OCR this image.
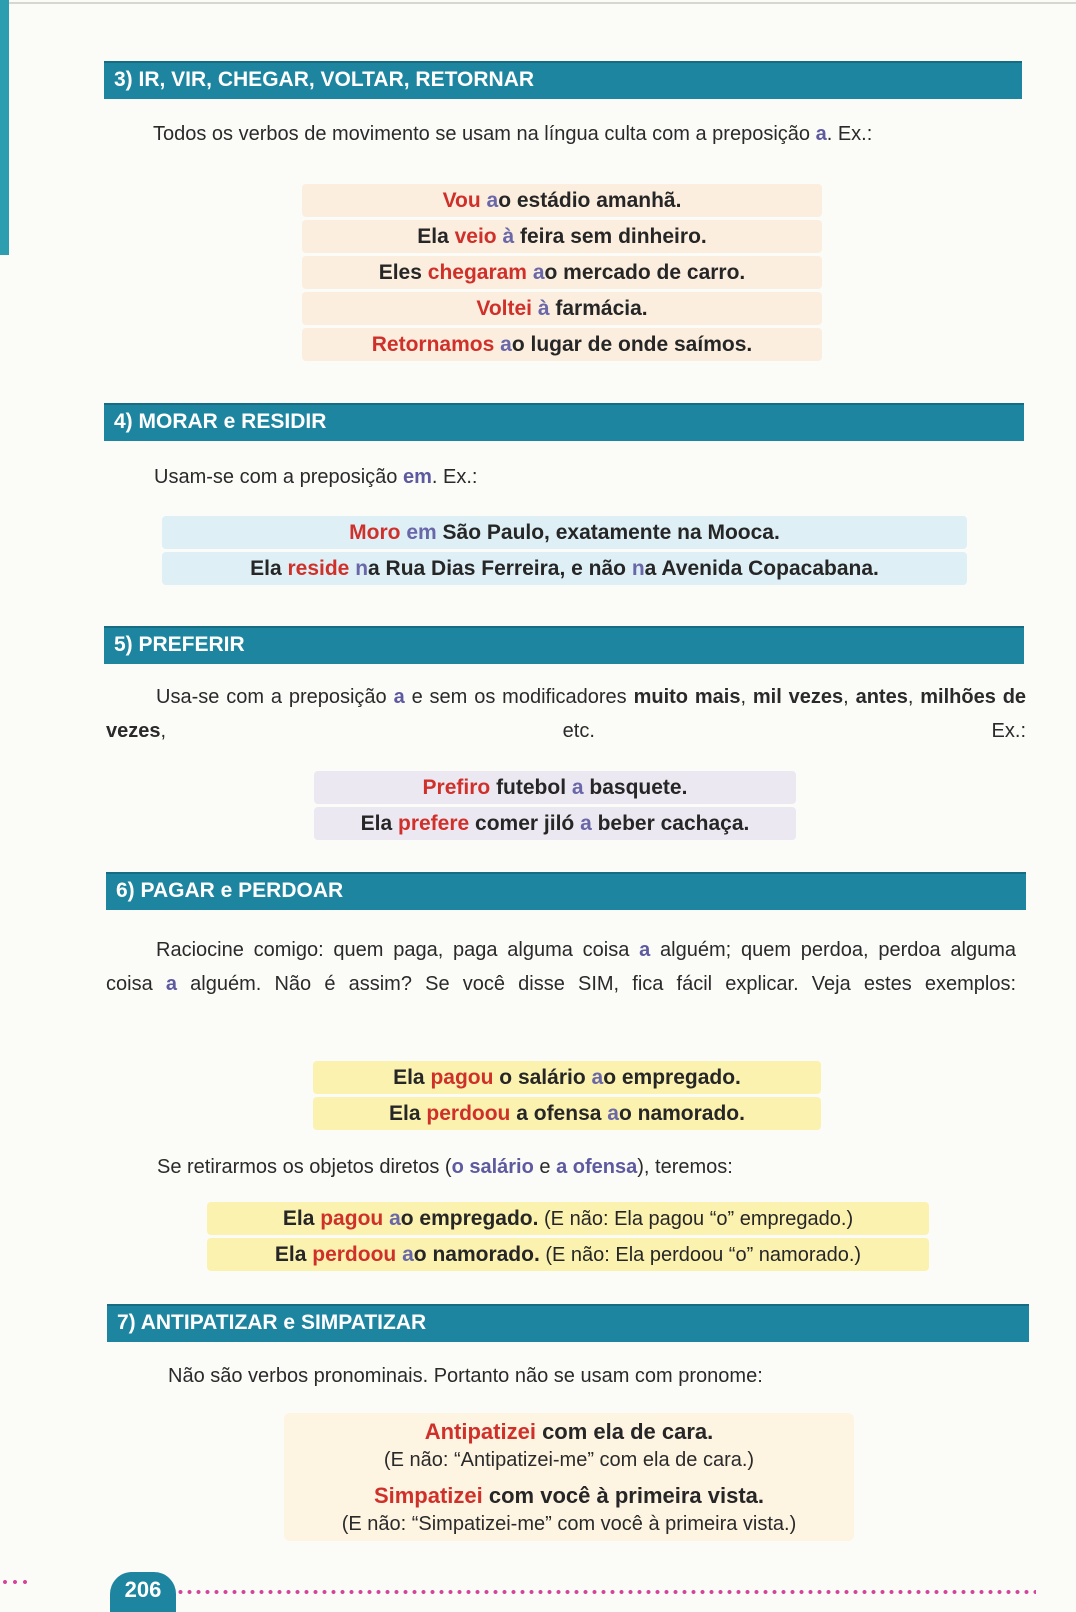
3) IR, VIR, CHEGAR, VOLTAR, RETORNAR
Todos os verbos de movimento se usam na língua culta com a preposição a. Ex.:
Vou ao estádio amanhã.
Ela veio à feira sem dinheiro.
Eles chegaram ao mercado de carro.
Voltei à farmácia.
Retornamos ao lugar de onde saímos.
4) MORAR e RESIDIR
Usam-se com a preposição em. Ex.:
Moro em São Paulo, exatamente na Mooca.
Ela reside na Rua Dias Ferreira, e não na Avenida Copacabana.
5) PREFERIR
Usa-se com a preposição a e sem os modificadores muito mais, mil vezes, antes, milhões de vezes, etc. Ex.:
Prefiro futebol a basquete.
Ela prefere comer jiló a beber cachaça.
6) PAGAR e PERDOAR
Raciocine comigo: quem paga, paga alguma coisa a alguém; quem perdoa, perdoa alguma coisa a alguém. Não é assim? Se você disse SIM, fica fácil explicar. Veja estes exemplos:
Ela pagou o salário ao empregado.
Ela perdoou a ofensa ao namorado.
Se retirarmos os objetos diretos (o salário e a ofensa), teremos:
Ela pagou ao empregado. (E não: Ela pagou “o” empregado.)
Ela perdoou ao namorado. (E não: Ela perdoou “o” namorado.)
7) ANTIPATIZAR e SIMPATIZAR
Não são verbos pronominais. Portanto não se usam com pronome:
Antipatizei com ela de cara.
(E não: “Antipatizei-me” com ela de cara.)
Simpatizei com você à primeira vista.
(E não: “Simpatizei-me” com você à primeira vista.)
206
